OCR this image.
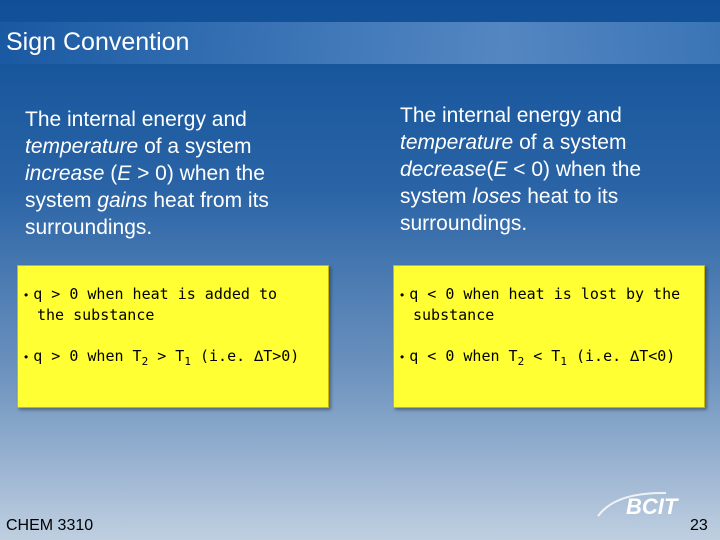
Sign Convention
The internal energy and temperature of a system increase (E > 0) when the system gains heat from its surroundings.
The internal energy and temperature of a system decrease(E < 0) when the system loses heat to its surroundings.
• q > 0 when heat is added to
the substance
• q > 0 when $T_2 > T_1$ (i.e. ∆T>0)
• q < 0 when heat is lost by the
substance
• q < 0 when $T_2 < T_1$ (i.e. ∆T<0)
CHEM 3310
BCIT
23
